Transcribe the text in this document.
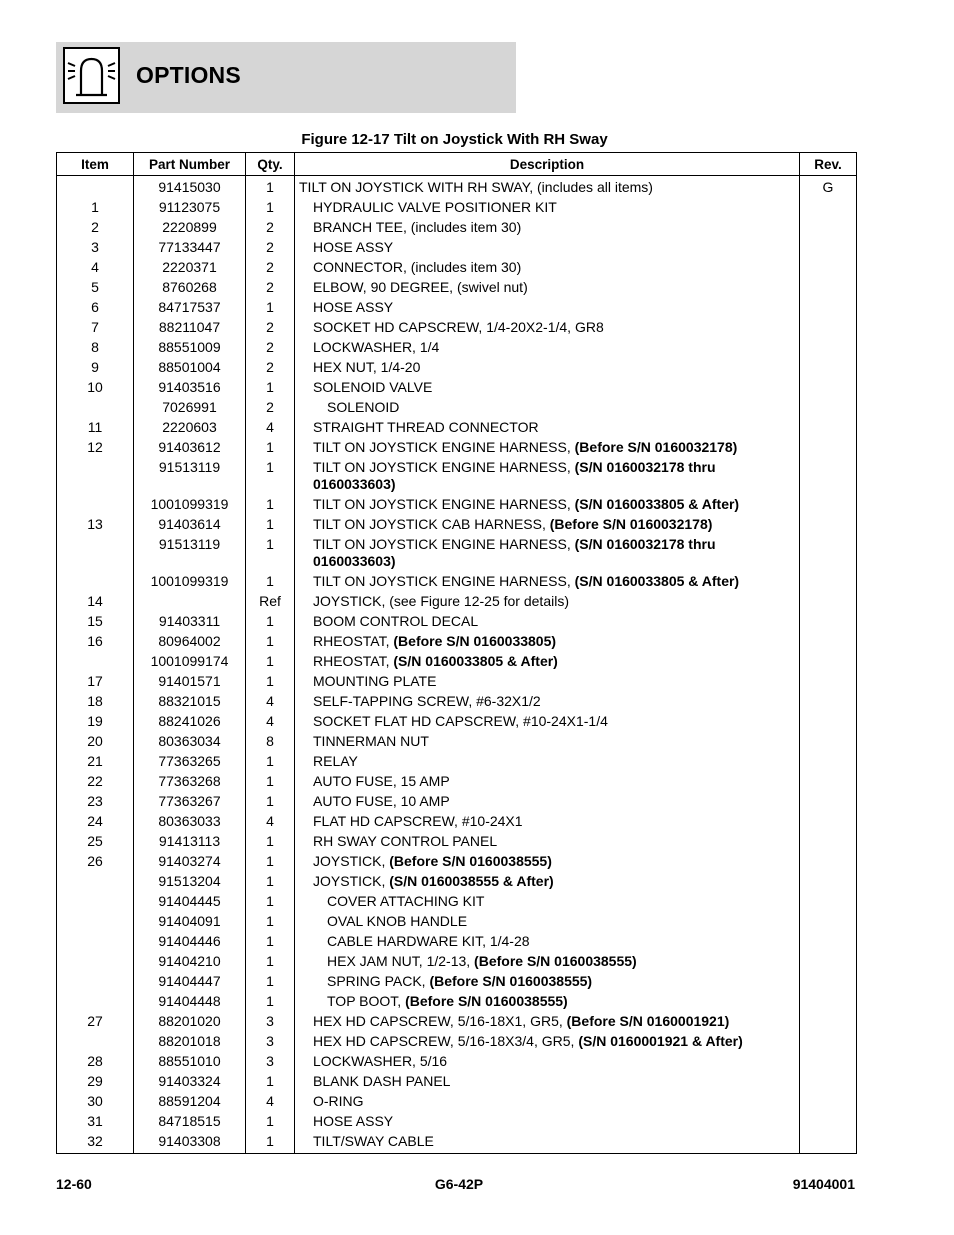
OPTIONS
Figure 12-17 Tilt on Joystick With RH Sway
Item	Part Number	Qty.	Description	Rev.
	91415030	1	TILT ON JOYSTICK WITH RH SWAY, (includes all items)	G
1	91123075	1	HYDRAULIC VALVE POSITIONER KIT	

2	2220899	2	BRANCH TEE, (includes item 30)	

3	77133447	2	HOSE ASSY	

4	2220371	2	CONNECTOR, (includes item 30)	

5	8760268	2	ELBOW, 90 DEGREE, (swivel nut)	

6	84717537	1	HOSE ASSY	

7	88211047	2	SOCKET HD CAPSCREW, 1/4-20X2-1/4, GR8	

8	88551009	2	LOCKWASHER, 1/4	

9	88501004	2	HEX NUT, 1/4-20	

10	91403516	1	SOLENOID VALVE	

	7026991	2	SOLENOID	

11	2220603	4	STRAIGHT THREAD CONNECTOR	

12	91403612	1	TILT ON JOYSTICK ENGINE HARNESS, (Before S/N 0160032178)	

	91513119	1	TILT ON JOYSTICK ENGINE HARNESS, (S/N 0160032178 thru 0160033603)	

	1001099319	1	TILT ON JOYSTICK ENGINE HARNESS, (S/N 0160033805 & After)	

13	91403614	1	TILT ON JOYSTICK CAB HARNESS, (Before S/N 0160032178)	

	91513119	1	TILT ON JOYSTICK ENGINE HARNESS, (S/N 0160032178 thru 0160033603)	

	1001099319	1	TILT ON JOYSTICK ENGINE HARNESS, (S/N 0160033805 & After)	

14		Ref	JOYSTICK, (see Figure 12-25 for details)	

15	91403311	1	BOOM CONTROL DECAL	

16	80964002	1	RHEOSTAT, (Before S/N 0160033805)	

	1001099174	1	RHEOSTAT, (S/N 0160033805 & After)	

17	91401571	1	MOUNTING PLATE	

18	88321015	4	SELF-TAPPING SCREW, #6-32X1/2	

19	88241026	4	SOCKET FLAT HD CAPSCREW, #10-24X1-1/4	

20	80363034	8	TINNERMAN NUT	

21	77363265	1	RELAY	

22	77363268	1	AUTO FUSE, 15 AMP	

23	77363267	1	AUTO FUSE, 10 AMP	

24	80363033	4	FLAT HD CAPSCREW, #10-24X1	

25	91413113	1	RH SWAY CONTROL PANEL	

26	91403274	1	JOYSTICK, (Before S/N 0160038555)	

	91513204	1	JOYSTICK, (S/N 0160038555 & After)	

	91404445	1	COVER ATTACHING KIT	

	91404091	1	OVAL KNOB HANDLE	

	91404446	1	CABLE HARDWARE KIT, 1/4-28	

	91404210	1	HEX JAM NUT, 1/2-13, (Before S/N 0160038555)	

	91404447	1	SPRING PACK, (Before S/N 0160038555)	

	91404448	1	TOP BOOT, (Before S/N 0160038555)	

27	88201020	3	HEX HD CAPSCREW, 5/16-18X1, GR5, (Before S/N 0160001921)	

	88201018	3	HEX HD CAPSCREW, 5/16-18X3/4, GR5, (S/N 0160001921 & After)	

28	88551010	3	LOCKWASHER, 5/16	

29	91403324	1	BLANK DASH PANEL	

30	88591204	4	O-RING	

31	84718515	1	HOSE ASSY	

32	91403308	1	TILT/SWAY CABLE	

12-60	G6-42P	91404001
